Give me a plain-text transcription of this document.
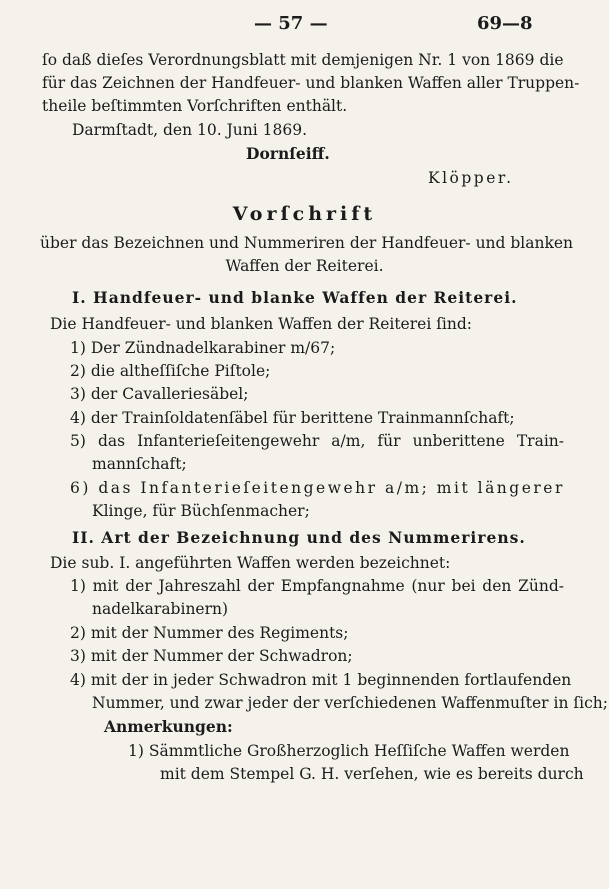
— 57 —	69—8
ſo daß dieſes Verordnungsblatt mit demjenigen Nr. 1 von 1869 die
für das Zeichnen der Handfeuer- und blanken Waffen aller Truppen-
theile beſtimmten Vorſchriften enthält.
Darmſtadt, den 10. Juni 1869.
Dornſeiff.
Klöpper.
Vorſchrift
über das Bezeichnen und Nummeriren der Handfeuer- und blanken
Waffen der Reiterei.
I. Handfeuer- und blanke Waffen der Reiterei.
Die Handfeuer- und blanken Waffen der Reiterei ſind:
1) Der Zündnadelkarabiner m/67;
2) die altheſſiſche Piſtole;
3) der Cavalleriesäbel;
4) der Trainſoldatenſäbel für berittene Trainmannſchaft;
5) das Infanterieſeitengewehr a/m, für unberittene Train-
mannſchaft;
6) das Infanterieſeitengewehr a/m; mit längerer
Klinge, für Büchſenmacher;
II. Art der Bezeichnung und des Nummerirens.
Die sub. I. angeführten Waffen werden bezeichnet:
1) mit der Jahreszahl der Empfangnahme (nur bei den Zünd-
nadelkarabinern)
2) mit der Nummer des Regiments;
3) mit der Nummer der Schwadron;
4) mit der in jeder Schwadron mit 1 beginnenden fortlaufenden
Nummer, und zwar jeder der verſchiedenen Waffenmuſter in ſich;
Anmerkungen:
1) Sämmtliche Großherzoglich Heſſiſche Waffen werden
mit dem Stempel G. H. verſehen, wie es bereits durch
